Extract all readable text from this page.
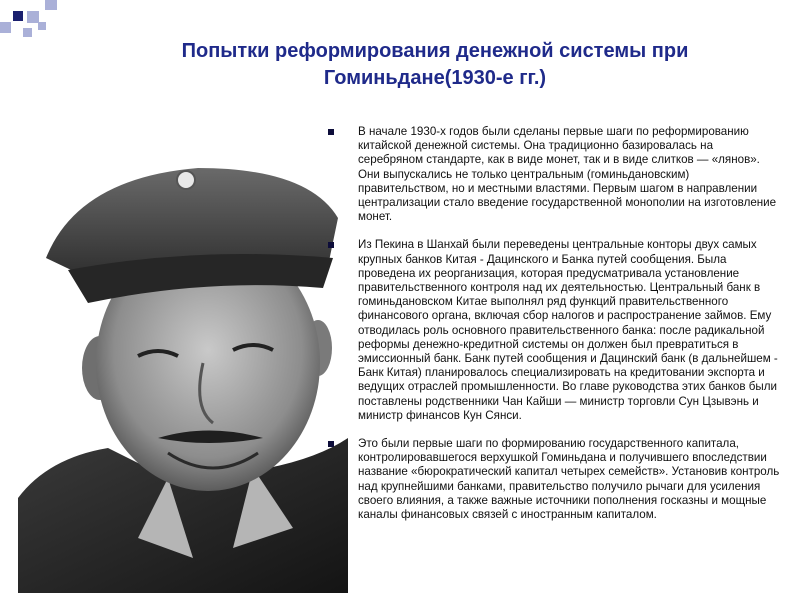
Попытки реформирования денежной системы при Гоминьдане(1930-е гг.)
В начале 1930-х годов были сделаны первые шаги по реформированию китайской денежной системы. Она традиционно базировалась на серебряном стандарте, как в виде монет, так и в виде слитков — «лянов». Они выпускались не только центральным (гоминьдановским) правительством, но и местными властями. Первым шагом в направлении централизации стало введение государственной монополии на изготовление монет.
Из Пекина в Шанхай были переведены центральные конторы двух самых крупных банков Китая - Дацинского и Банка путей сообщения. Была проведена их реорганизация, которая предусматривала установление правительственного контроля над их деятельностью. Центральный банк в гоминьдановском Китае выполнял ряд функций правительственного финансового органа, включая сбор налогов и распространение займов. Ему отводилась роль основного правительственного банка: после радикальной реформы денежно-кредитной системы он должен был превратиться в эмиссионный банк. Банк путей сообщения и Дацинский банк (в дальнейшем - Банк Китая) планировалось специализировать на кредитовании экспорта и ведущих отраслей промышленности. Во главе руководства этих банков были поставлены родственники Чан Кайши — министр торговли Сун Цзывэнь и министр финансов Кун Сянси.
Это были первые шаги по формированию государственного капитала, контролировавшегося верхушкой Гоминьдана и получившего впоследствии название «бюрократический капитал четырех семейств». Установив контроль над крупнейшими банками, правительство получило рычаги для усиления своего влияния, а также важные источники пополнения госказны и мощные каналы финансовых связей с иностранным капиталом.
